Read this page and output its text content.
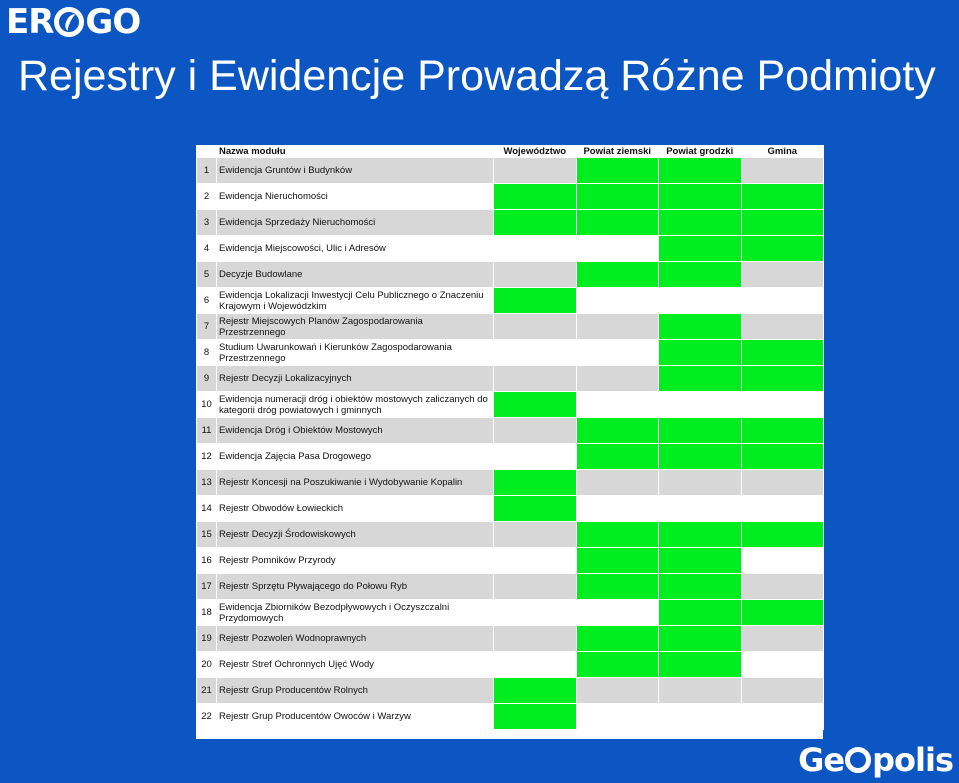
ER GO
Rejestry i Ewidencje Prowadzą Różne Podmioty
	Nazwa modułu	Województwo	Powiat ziemski	Powiat grodzki	Gmina
1	Ewidencja Gruntów i Budynków				
2	Ewidencja Nieruchomości				
3	Ewidencja Sprzedaży Nieruchomości				
4	Ewidencja Miejscowości, Ulic i Adresów				
5	Decyzje Budowlane				
6	Ewidencja Lokalizacji Inwestycji Celu Publicznego o Znaczeniu Krajowym i Wojewódzkim				
7	Rejestr Miejscowych Planów Zagospodarowania Przestrzennego				
8	Studium Uwarunkowań i Kierunków Zagospodarowania Przestrzennego				
9	Rejestr Decyzji Lokalizacyjnych				
10	Ewidencja numeracji dróg i obiektów mostowych zaliczanych do kategorii dróg powiatowych i gminnych				
11	Ewidencja Dróg i Obiektów Mostowych				
12	Ewidencja Zajęcia Pasa Drogowego				
13	Rejestr Koncesji na Poszukiwanie i Wydobywanie Kopalin				
14	Rejestr Obwodów Łowieckich				
15	Rejestr Decyzji Środowiskowych				
16	Rejestr Pomników Przyrody				
17	Rejestr Sprzętu Pływającego do Połowu Ryb				
18	Ewidencja Zbiorników Bezodpływowych i Oczyszczalni Przydomowych				
19	Rejestr Pozwoleń Wodnoprawnych				
20	Rejestr Stref Ochronnych Ujęć Wody				
21	Rejestr Grup Producentów Rolnych				
22	Rejestr Grup Producentów Owoców i Warzyw				
Ge polis
